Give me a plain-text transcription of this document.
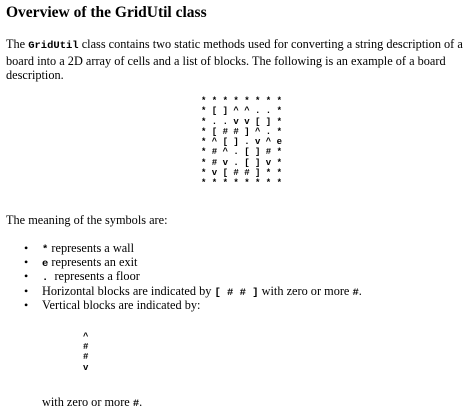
Overview of the GridUtil class
The GridUtil class contains two static methods used for converting a string description of a board into a 2D array of cells and a list of blocks. The following is an example of a board description.
* * * * * * * *
* [ ] ^ ^ . . *
* . . v v [ ] *
* [ # # ] ^ . *
* ^ [ ] . v ^ e
* # ^ . [ ] # *
* # v . [ ] v *
* v [ # # ] * *
* * * * * * * *
The meaning of the symbols are:
• * represents a wall
• e represents an exit
• .  represents a floor
• Horizontal blocks are indicated by [ # # ] with zero or more #.
• Vertical blocks are indicated by:
^
#
#
v
with zero or more #.
